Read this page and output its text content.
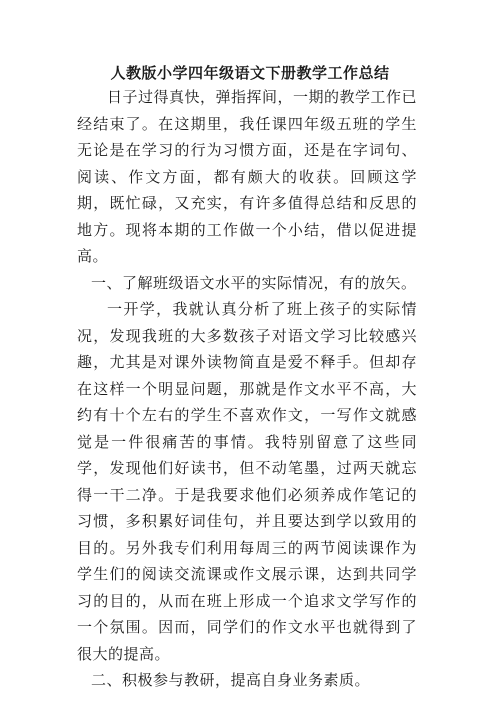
人教版小学四年级语文下册教学工作总结

日子过得真快，弹指挥间，一期的教学工作已经结束了。在这期里，我任课四年级五班的学生无论是在学习的行为习惯方面，还是在字词句、阅读、作文方面，都有颇大的收获。回顾这学期，既忙碌，又充实，有许多值得总结和反思的地方。现将本期的工作做一个小结，借以促进提高。

一、了解班级语文水平的实际情况，有的放矢。

一开学，我就认真分析了班上孩子的实际情况，发现我班的大多数孩子对语文学习比较感兴趣，尤其是对课外读物简直是爱不释手。但却存在这样一个明显问题，那就是作文水平不高，大约有十个左右的学生不喜欢作文，一写作文就感觉是一件很痛苦的事情。我特别留意了这些同学，发现他们好读书，但不动笔墨，过两天就忘得一干二净。于是我要求他们必须养成作笔记的习惯，多积累好词佳句，并且要达到学以致用的目的。另外我专们利用每周三的两节阅读课作为学生们的阅读交流课或作文展示课，达到共同学习的目的，从而在班上形成一个追求文学写作的一个氛围。因而，同学们的作文水平也就得到了很大的提高。

二、积极参与教研，提高自身业务素质。
